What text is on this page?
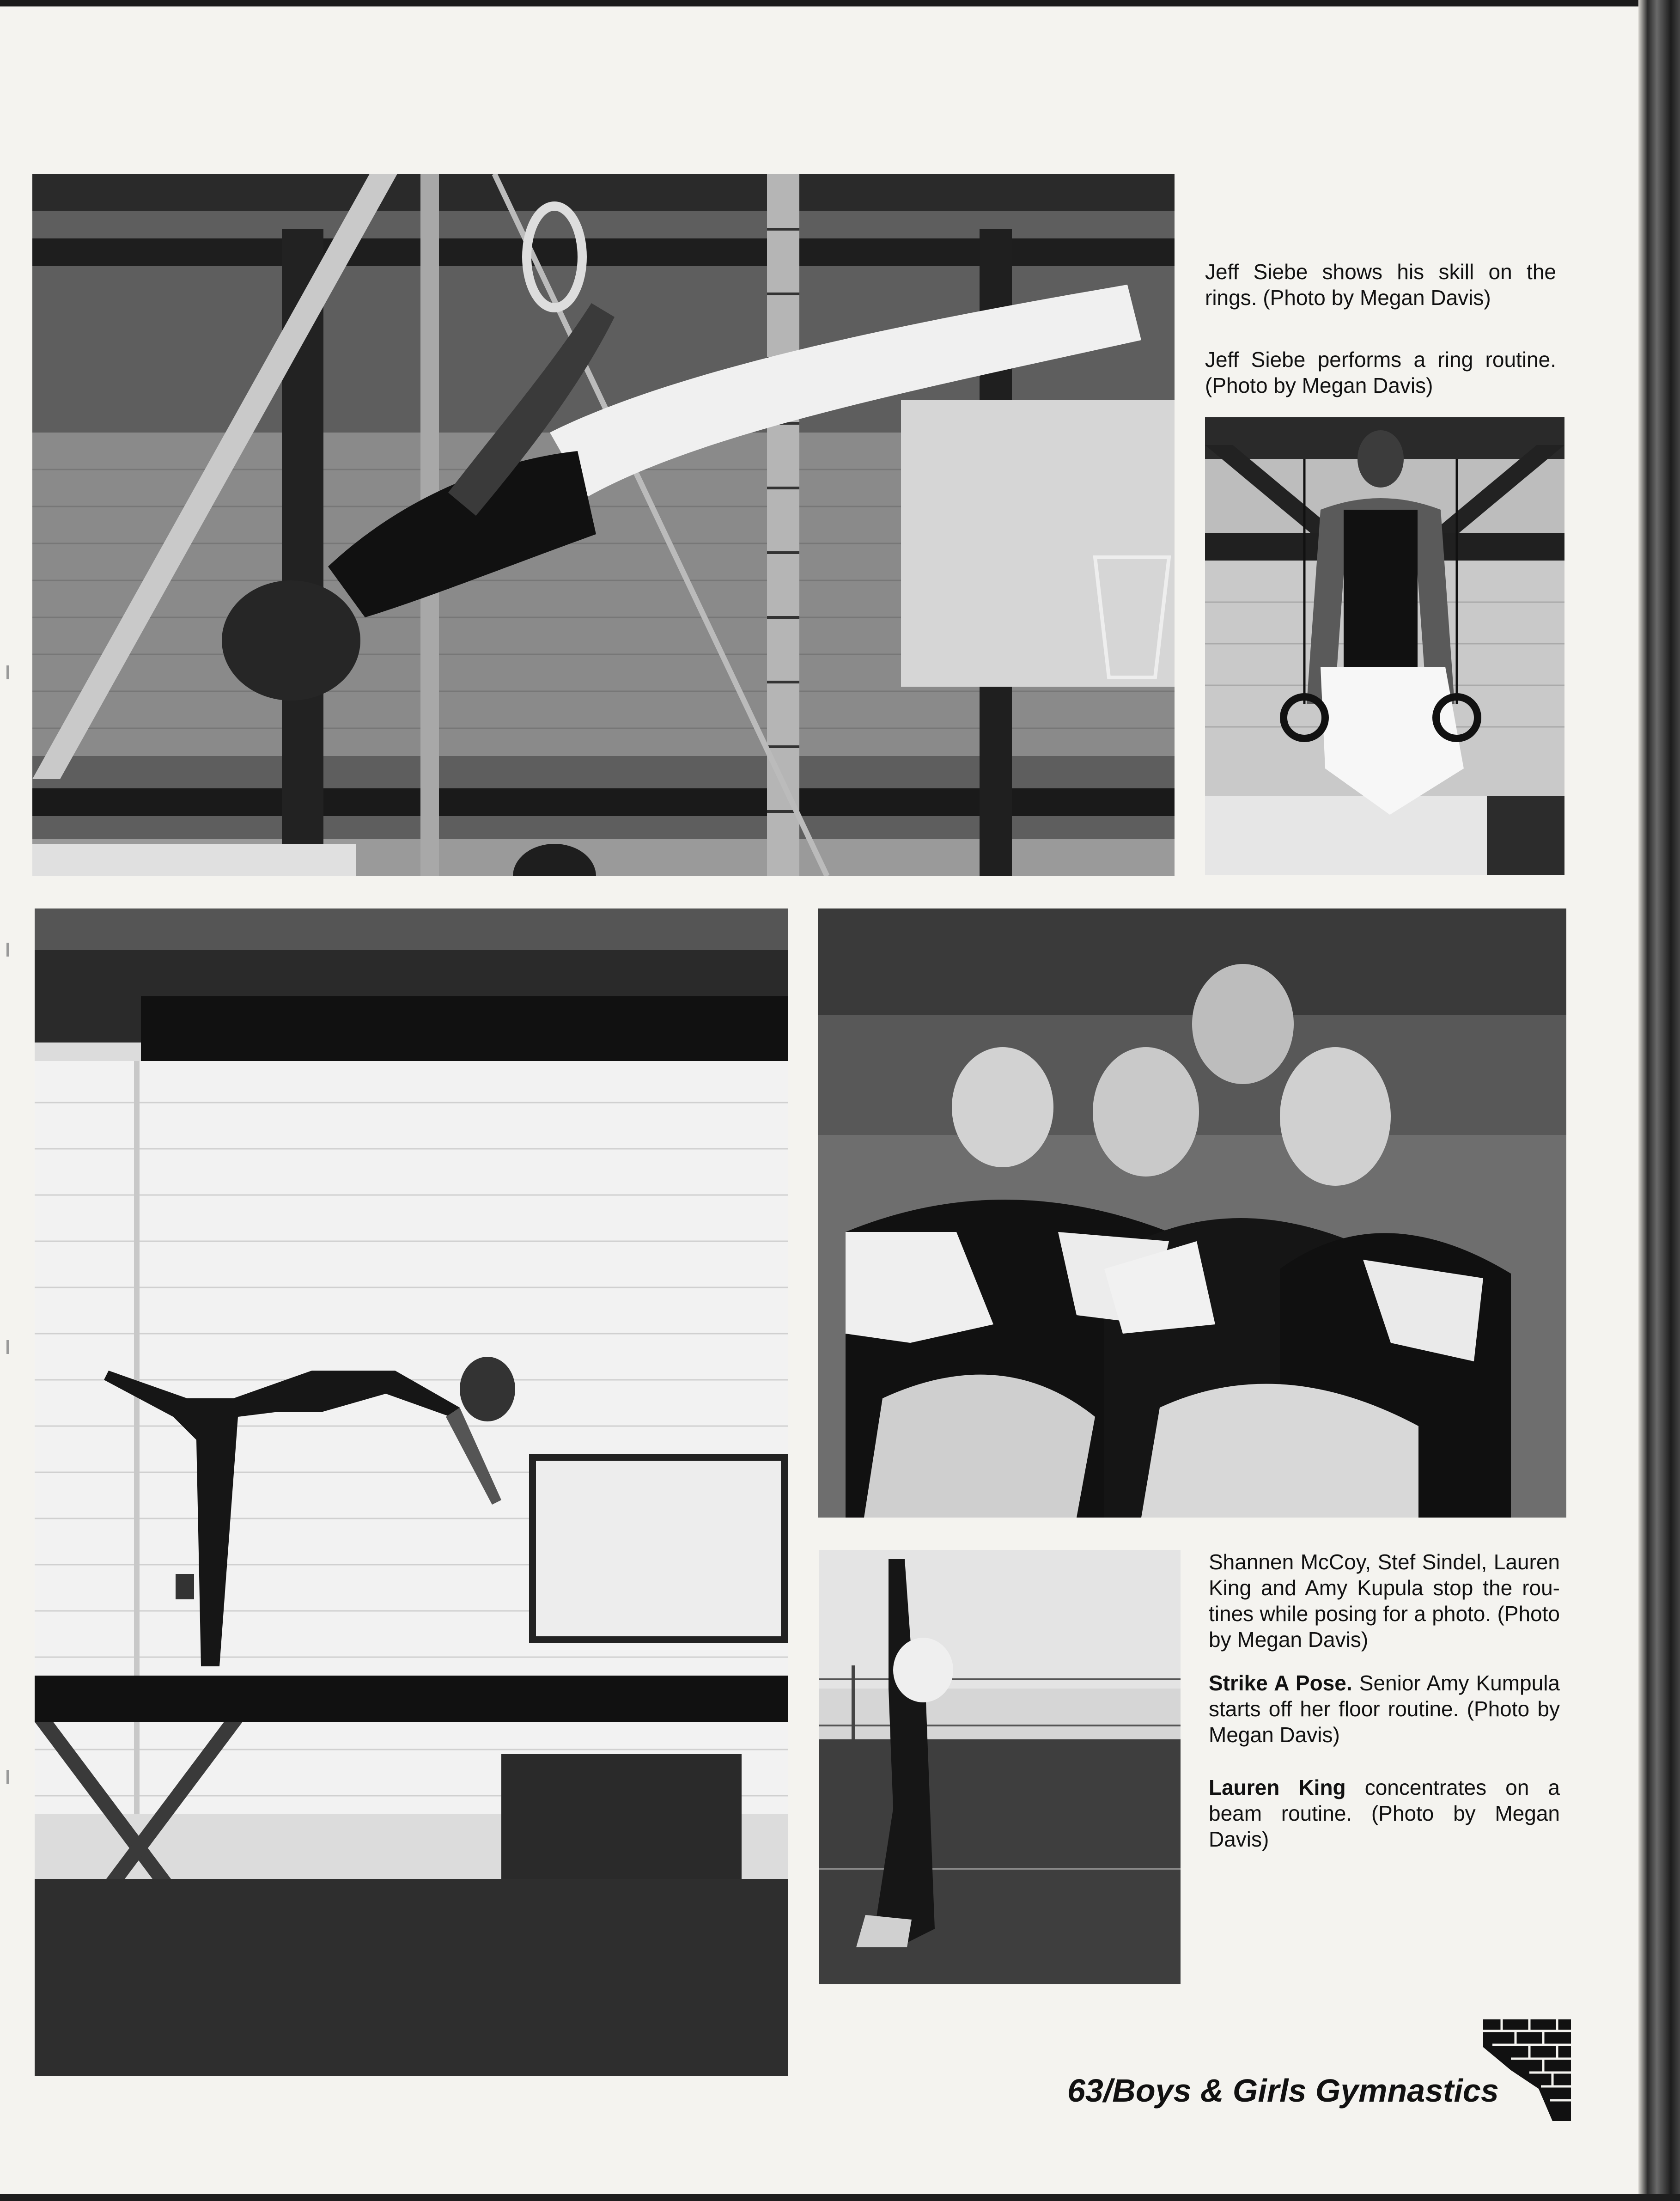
Jeff Siebe shows his skill on the rings. (Photo by Megan Davis)
Jeff Siebe performs a ring routine. (Photo by Megan Davis)
Shannen McCoy, Stef Sindel, Lauren King and Amy Kupula stop the rou-tines while posing for a photo. (Photo by Megan Davis)
Strike A Pose. Senior Amy Kumpula starts off her floor routine. (Photo by Megan Davis)
Lauren King concentrates on a beam routine. (Photo by Megan Davis)
63/Boys & Girls Gymnastics
